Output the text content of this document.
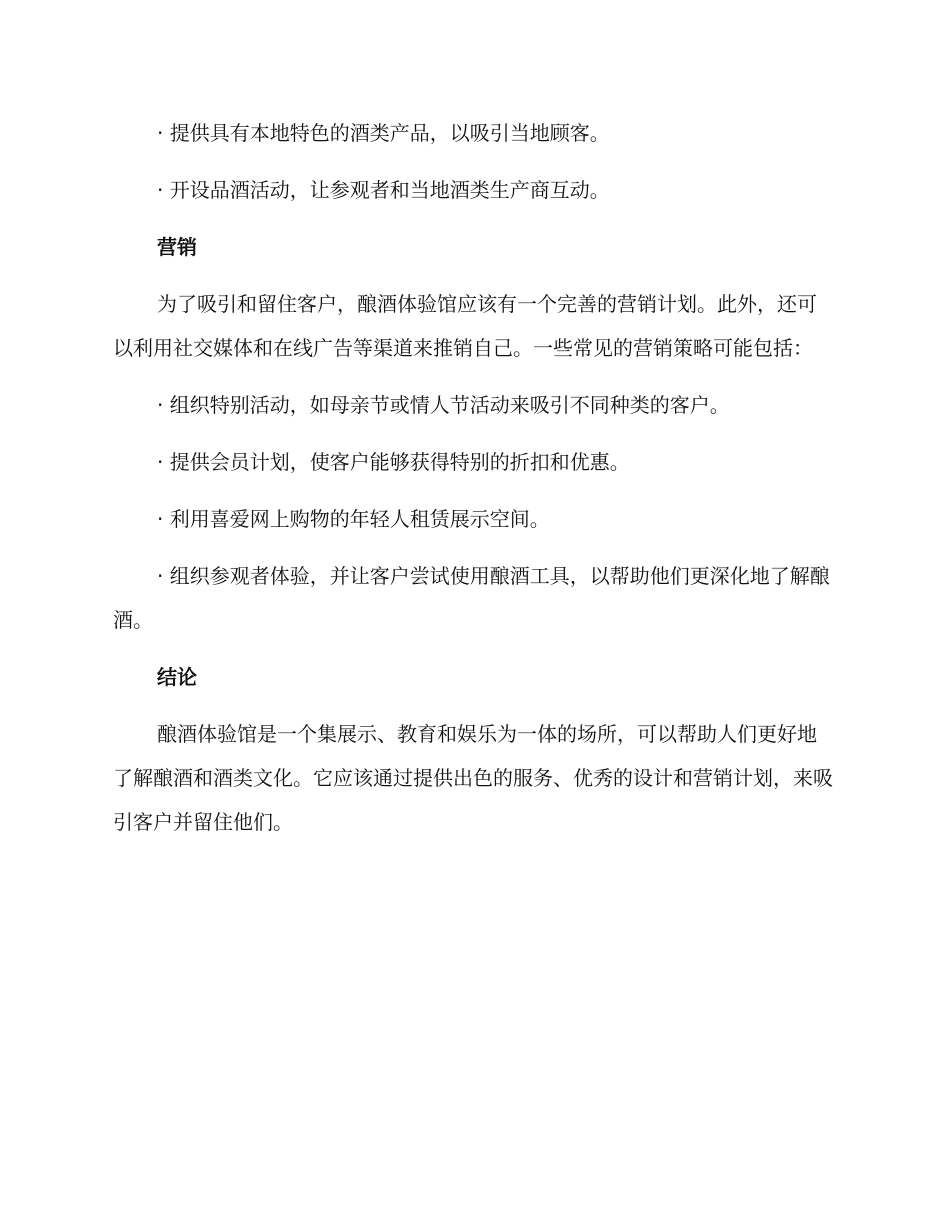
· 提供具有本地特色的酒类产品，以吸引当地顾客。

· 开设品酒活动，让参观者和当地酒类生产商互动。

营销

为了吸引和留住客户，酿酒体验馆应该有一个完善的营销计划。此外，还可以利用社交媒体和在线广告等渠道来推销自己。一些常见的营销策略可能包括：

· 组织特别活动，如母亲节或情人节活动来吸引不同种类的客户。

· 提供会员计划，使客户能够获得特别的折扣和优惠。

· 利用喜爱网上购物的年轻人租赁展示空间。

· 组织参观者体验，并让客户尝试使用酿酒工具，以帮助他们更深化地了解酿酒。

结论

酿酒体验馆是一个集展示、教育和娱乐为一体的场所，可以帮助人们更好地了解酿酒和酒类文化。它应该通过提供出色的服务、优秀的设计和营销计划，来吸引客户并留住他们。
